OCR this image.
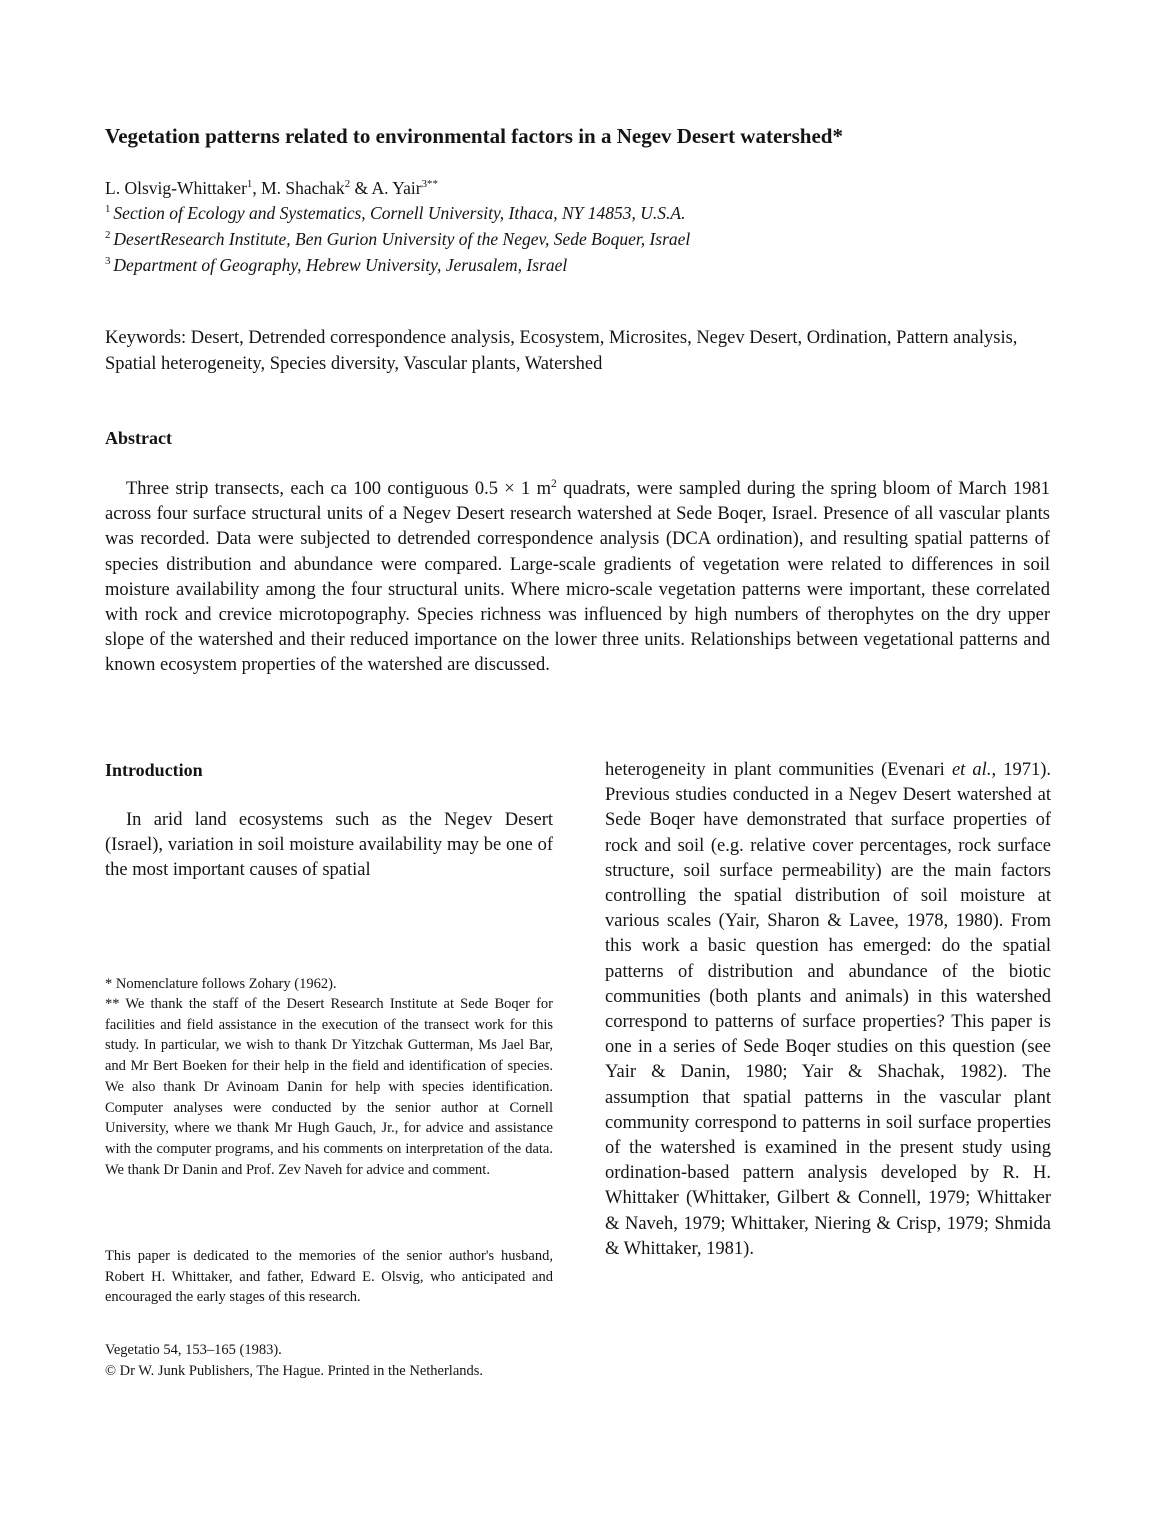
Vegetation patterns related to environmental factors in a Negev Desert watershed*
L. Olsvig-Whittaker$^1$, M. Shachak$^2$ & A. Yair$^{3**}$
$^1$ Section of Ecology and Systematics, Cornell University, Ithaca, NY 14853, U.S.A.
$^2$ DesertResearch Institute, Ben Gurion University of the Negev, Sede Boquer, Israel
$^3$ Department of Geography, Hebrew University, Jerusalem, Israel
Keywords: Desert, Detrended correspondence analysis, Ecosystem, Microsites, Negev Desert, Ordination, Pattern analysis, Spatial heterogeneity, Species diversity, Vascular plants, Watershed
Abstract
Three strip transects, each ca 100 contiguous 0.5 × 1 $m^2$ quadrats, were sampled during the spring bloom of March 1981 across four surface structural units of a Negev Desert research watershed at Sede Boqer, Israel. Presence of all vascular plants was recorded. Data were subjected to detrended correspondence analysis (DCA ordination), and resulting spatial patterns of species distribution and abundance were compared. Large-scale gradients of vegetation were related to differences in soil moisture availability among the four structural units. Where micro-scale vegetation patterns were important, these correlated with rock and crevice microtopography. Species richness was influenced by high numbers of therophytes on the dry upper slope of the watershed and their reduced importance on the lower three units. Relationships between vegetational patterns and known ecosystem properties of the watershed are discussed.
Introduction
In arid land ecosystems such as the Negev Desert (Israel), variation in soil moisture availability may be one of the most important causes of spatial
heterogeneity in plant communities (Evenari et al., 1971). Previous studies conducted in a Negev Desert watershed at Sede Boqer have demonstrated that surface properties of rock and soil (e.g. relative cover percentages, rock surface structure, soil surface permeability) are the main factors controlling the spatial distribution of soil moisture at various scales (Yair, Sharon & Lavee, 1978, 1980). From this work a basic question has emerged: do the spatial patterns of distribution and abundance of the biotic communities (both plants and animals) in this watershed correspond to patterns of surface properties? This paper is one in a series of Sede Boqer studies on this question (see Yair & Danin, 1980; Yair & Shachak, 1982). The assumption that spatial patterns in the vascular plant community correspond to patterns in soil surface properties of the watershed is examined in the present study using ordination-based pattern analysis developed by R. H. Whittaker (Whittaker, Gilbert & Connell, 1979; Whittaker & Naveh, 1979; Whittaker, Niering & Crisp, 1979; Shmida & Whittaker, 1981).
* Nomenclature follows Zohary (1962).
** We thank the staff of the Desert Research Institute at Sede Boqer for facilities and field assistance in the execution of the transect work for this study. In particular, we wish to thank Dr Yitzchak Gutterman, Ms Jael Bar, and Mr Bert Boeken for their help in the field and identification of species. We also thank Dr Avinoam Danin for help with species identification. Computer analyses were conducted by the senior author at Cornell University, where we thank Mr Hugh Gauch, Jr., for advice and assistance with the computer programs, and his comments on interpretation of the data. We thank Dr Danin and Prof. Zev Naveh for advice and comment.
This paper is dedicated to the memories of the senior author's husband, Robert H. Whittaker, and father, Edward E. Olsvig, who anticipated and encouraged the early stages of this research.
Vegetatio 54, 153–165 (1983).
© Dr W. Junk Publishers, The Hague. Printed in the Netherlands.
